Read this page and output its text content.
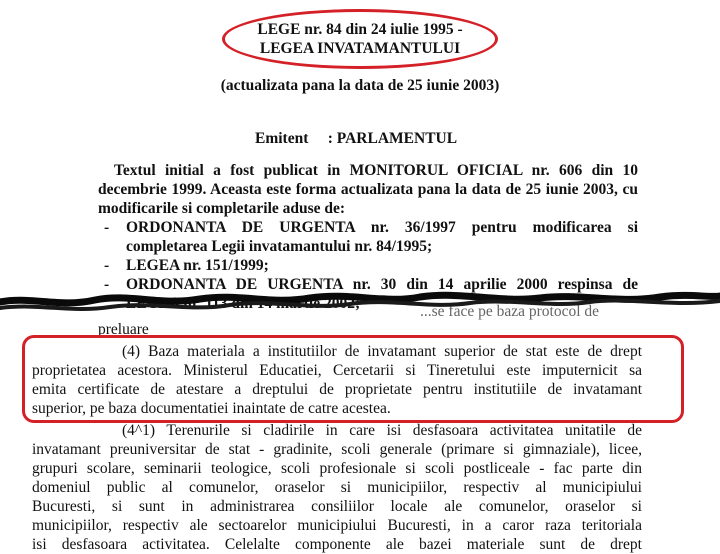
LEGE nr. 84 din 24 iulie 1995 -
LEGEA INVATAMANTULUI
(actualizata pana la data de 25 iunie 2003)
Emitent     : PARLAMENTUL
Textul initial a fost publicat in MONITORUL OFICIAL nr. 606 din 10
decembrie 1999. Aceasta este forma actualizata pana la data de 25 iunie 2003, cu
modificarile si completarile aduse de:
- ORDONANTA DE URGENTA nr. 36/1997 pentru modificarea si
completarea Legii invatamantului nr. 84/1995;
- LEGEA nr. 151/1999;
- ORDONANTA DE URGENTA nr. 30 din 14 aprilie 2000 respinsa de
LEGEA nr. 113 din 14 martie 2002;	...se face pe baza protocol de
preluare
(4) Baza materiala a institutiilor de invatamant superior de stat este de drept
proprietatea acestora. Ministerul Educatiei, Cercetarii si Tineretului este imputernicit sa
emita certificate de atestare a dreptului de proprietate pentru institutiile de invatamant
superior, pe baza documentatiei inaintate de catre acestea.
(4^1) Terenurile si cladirile in care isi desfasoara activitatea unitatile de
invatamant preuniversitar de stat - gradinite, scoli generale (primare si gimnaziale), licee,
grupuri scolare, seminarii teologice, scoli profesionale si scoli postliceale - fac parte din
domeniul public al comunelor, oraselor si municipiilor, respectiv al municipiului
Bucuresti, si sunt in administrarea consiliilor locale ale comunelor, oraselor si
municipiilor, respectiv ale sectoarelor municipiului Bucuresti, in a caror raza teritoriala
isi desfasoara activitatea. Celelalte componente ale bazei materiale sunt de drept
